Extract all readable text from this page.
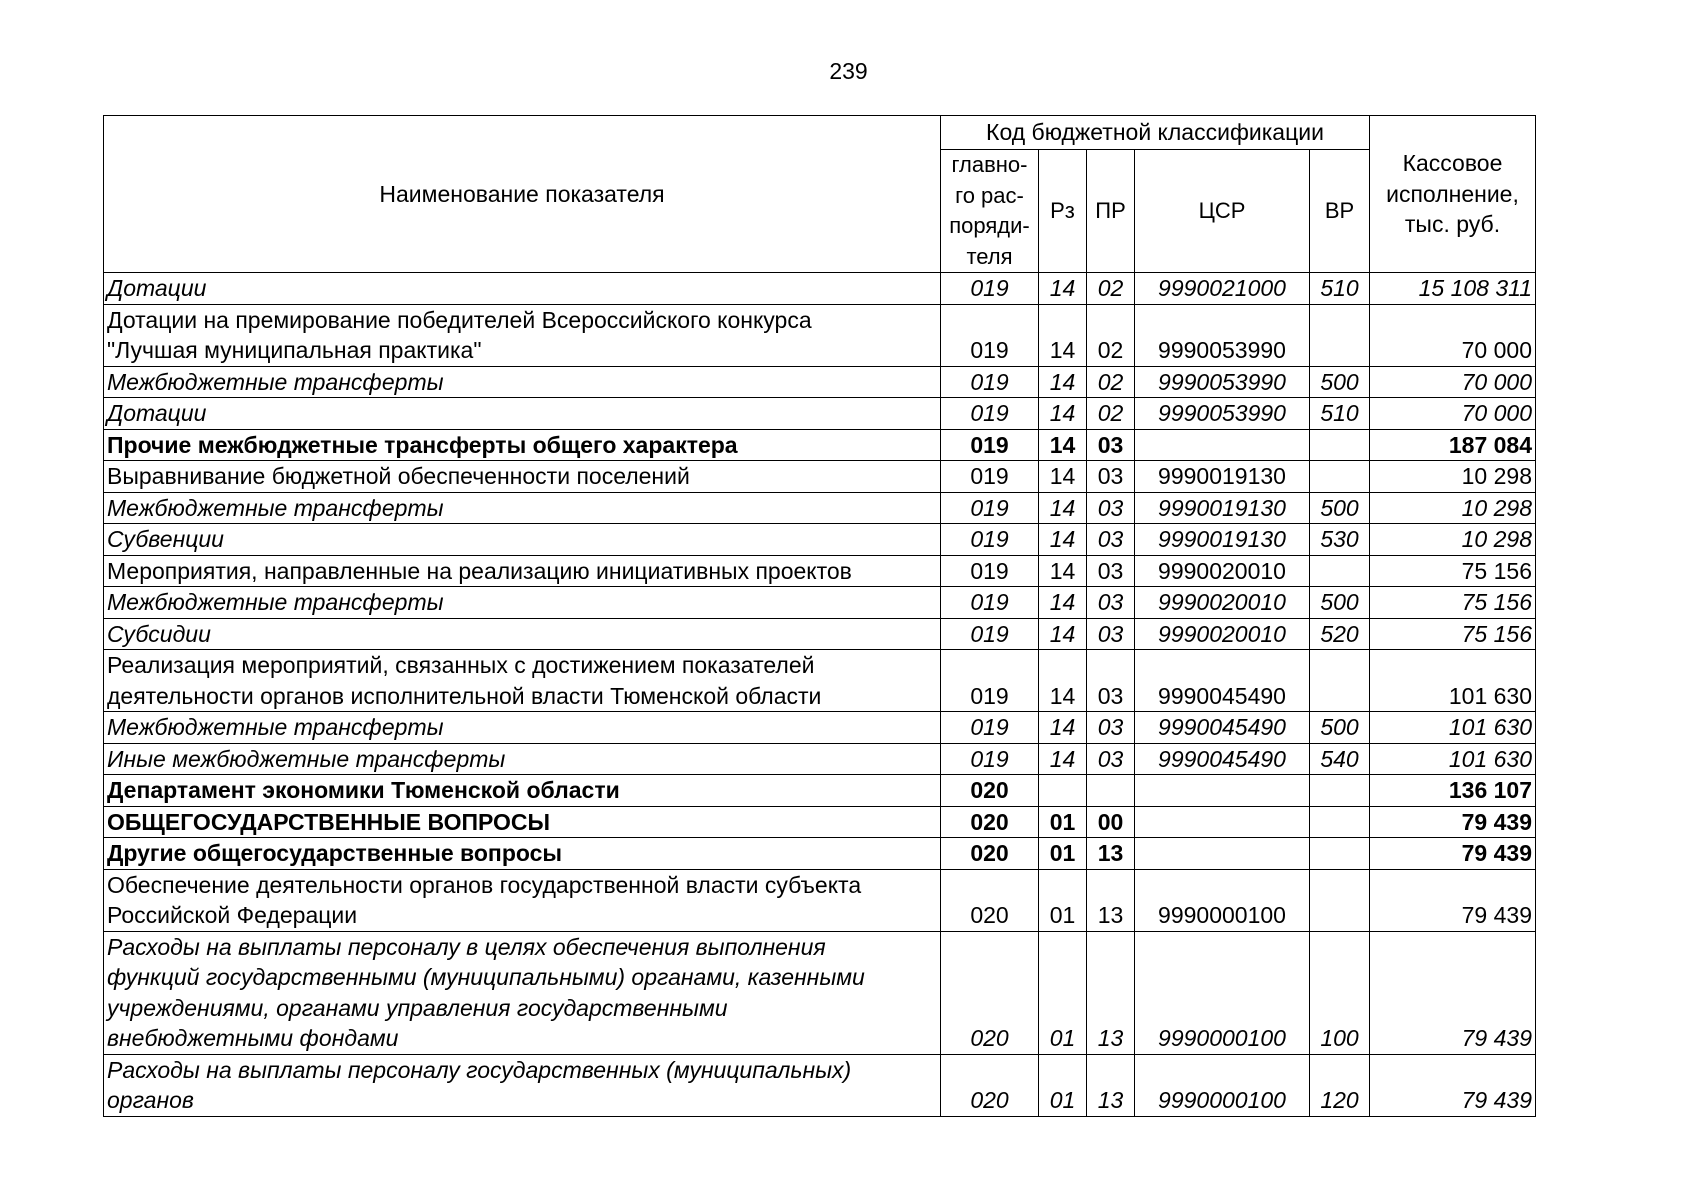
239
Наименование показателя	Код бюджетной классификации					Кассовое
исполнение,
тыс. руб.

	главно-
го рас-
поряди-
теля	Рз	ПР	ЦСР	ВР	

Дотации	019	14	02	9990021000	510	15 108 311

Дотации на премирование победителей Всероссийского конкурса
"Лучшая муниципальная практика"	019	14	02	9990053990		70 000

Межбюджетные трансферты	019	14	02	9990053990	500	70 000

Дотации	019	14	02	9990053990	510	70 000

Прочие межбюджетные трансферты общего характера	019	14	03			187 084

Выравнивание бюджетной обеспеченности поселений	019	14	03	9990019130		10 298

Межбюджетные трансферты	019	14	03	9990019130	500	10 298

Субвенции	019	14	03	9990019130	530	10 298

Мероприятия, направленные на реализацию инициативных проектов	019	14	03	9990020010		75 156

Межбюджетные трансферты	019	14	03	9990020010	500	75 156

Субсидии	019	14	03	9990020010	520	75 156

Реализация мероприятий, связанных с достижением показателей
деятельности органов исполнительной власти Тюменской области	019	14	03	9990045490		101 630

Межбюджетные трансферты	019	14	03	9990045490	500	101 630

Иные межбюджетные трансферты	019	14	03	9990045490	540	101 630

Департамент экономики Тюменской области	020					136 107

ОБЩЕГОСУДАРСТВЕННЫЕ ВОПРОСЫ	020	01	00			79 439

Другие общегосударственные вопросы	020	01	13			79 439

Обеспечение деятельности органов государственной власти субъекта
Российской Федерации	020	01	13	9990000100		79 439

Расходы на выплаты персоналу в целях обеспечения выполнения
функций государственными (муниципальными) органами, казенными
учреждениями, органами управления государственными
внебюджетными фондами	020	01	13	9990000100	100	79 439

Расходы на выплаты персоналу государственных (муниципальных)
органов	020	01	13	9990000100	120	79 439
